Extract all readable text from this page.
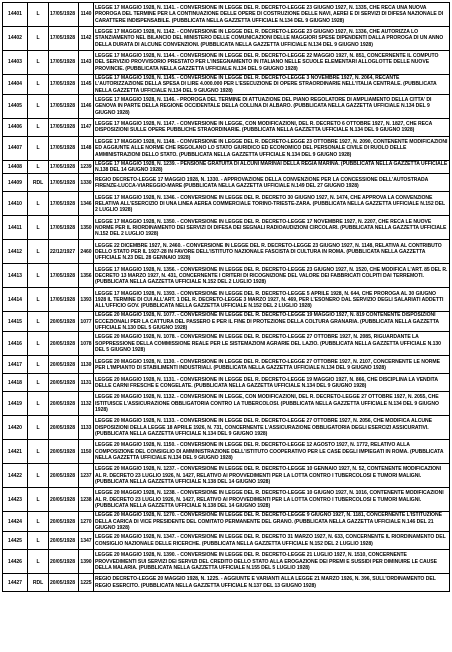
14401	L	17/05/1928	1140	LEGGE 17 MAGGIO 1928, N. 1141. - CONVERSIONE IN LEGGE DEL R. DECRETO-LEGGE 23 GIUGNO 1927, N. 1335, CHE RECA UNA NUOVA PROROGA DEL TERMINE PER LA CONTINUAZIONE DELLE OPERE DI COSTRUZIONE DELLE NAVI, AEREI E DI SERVIZI DI DIFESA NAZIONALE DI CARATTERE INDISPENSABILE. (PUBBLICATA NELLA GAZZETTA UFFICIALE N.134 DEL 9 GIUGNO 1928)
14402	L	17/05/1928	1142	LEGGE 17 MAGGIO 1928, N. 1142. - CONVERSIONE IN LEGGE DEL R. DECRETO-LEGGE 23 GIUGNO 1927, N. 1336, CHE AUTORIZZA LO STANZIAMENTO NEL BILANCIO DEL MINISTERO DELLE COMUNICAZIONI DELLE MAGGIORI SPESE DIPENDENTI DALLA PROROGA DI UN ANNO DELLA DURATA DI ALCUNE CONVENZIONI. (PUBBLICATA NELLA GAZZETTA UFFICIALE N.134 DEL 9 GIUGNO 1928)
14403	L	17/05/1928	1143	LEGGE 17 MAGGIO 1928, N. 1144. - CONVERSIONE IN LEGGE DEL R. DECRETO-LEGGE 22 MAGGIO 1927, N. 851, CONCERNENTE IL COMPUTO DEL SERVIZIO PROVVISORIO PRESTATO PER L'INSEGNAMENTO IN ITALIANO NELLE SCUOLE ELEMENTARI ALLOGLOTTE DELLE NUOVE PROVINCIE. (PUBBLICATA NELLA GAZZETTA UFFICIALE N.134 DEL 9 GIUGNO 1928)
14404	L	17/05/1928	1145	LEGGE 17 MAGGIO 1928, N. 1145. - CONVERSIONE IN LEGGE DEL R. DECRETO-LEGGE 3 NOVEMBRE 1927, N. 2064, RECANTE L'AUTORIZZAZIONE DELLA SPESA DI LIRE 4.000.000 PER L'ESECUZIONE DI OPERE STRAORDINARIE NELL'ITALIA CENTRALE. (PUBBLICATA NELLA GAZZETTA UFFICIALE N.134 DEL 9 GIUGNO 1928)
14405	L	17/05/1928	1146	LEGGE 17 MAGGIO 1928, N. 1146. - PROROGA DEL TERMINE DI ATTUAZIONE DEL PIANO REGOLATORE DI AMPLIAMENTO DELLA CITTA' DI GENOVA IN PARTE DELLA REGIONE OCCIDENTALE DELLA COLLINA DI ALBARO. (PUBBLICATA NELLA GAZZETTA UFFICIALE N.134 DEL 9 GIUGNO 1928)
14406	L	17/05/1928	1147	LEGGE 17 MAGGIO 1928, N. 1147. - CONVERSIONE IN LEGGE, CON MODIFICAZIONI, DEL R. DECRETO 6 OTTOBRE 1927, N. 1827, CHE RECA DISPOSIZIONI SULLE OPERE PUBBLICHE STRAORDINARIE. (PUBBLICATA NELLA GAZZETTA UFFICIALE N.134 DEL 9 GIUGNO 1928)
14407	L	17/05/1928	1148	LEGGE 17 MAGGIO 1928, N. 1148. - CONVERSIONE IN LEGGE DEL R. DECRETO-LEGGE 23 OTTOBRE 1927, N. 2090, CONTENENTE MODIFICAZIONI ED AGGIUNTE ALLE NORME CHE REGOLANO LO STATO GIURIDICO ED ECONOMICO DEL PERSONALE CIVILE DI RUOLO DELLE AMMINISTRAZIONI DELLO STATO. (PUBBLICATA NELLA GAZZETTA UFFICIALE N.134 DEL 9 GIUGNO 1928)
14408	L	17/05/1928	1239	LEGGE 17 MAGGIO 1928, N. 1239. - PENSIONE GRATUITA DI ALCUNI MARINAI DELLA REGIA MARINA. (PUBBLICATA NELLA GAZZETTA UFFICIALE N.138 DEL 14 GIUGNO 1928)
14409	RDL	17/05/1928	1330	REGIO DECRETO-LEGGE 17 MAGGIO 1928, N. 1330. - APPROVAZIONE DELLA CONVENZIONE PER LA CONCESSIONE DELL'AUTOSTRADA FIRENZE-LUCCA-VIAREGGIO-MARE (PUBBLICATA NELLA GAZZETTA UFFICIALE N.149 DEL 27 GIUGNO 1928)
14410	L	17/05/1928	1346	LEGGE 17 MAGGIO 1928, N. 1346. - CONVERSIONE IN LEGGE DEL R. DECRETO 30 GIUGNO 1927, N. 1474, CHE APPROVA LA CONVENZIONE RELATIVA ALL'ESERCIZIO DI UNA LINEA AEREA COMMERCIALE TORINO-TRIESTE-ZARA. (PUBBLICATA NELLA GAZZETTA UFFICIALE N.152 DEL 2 LUGLIO 1928)
14411	L	17/05/1928	1350	LEGGE 17 MAGGIO 1928, N. 1350. - CONVERSIONE IN LEGGE DEL R. DECRETO-LEGGE 17 NOVEMBRE 1927, N. 2207, CHE RECA LE NUOVE NORME PER IL RIORDINAMENTO DEI SERVIZI DI DIFESA DEI SEGNALI RADIOAUDIZIONI CIRCOLARI. (PUBBLICATA NELLA GAZZETTA UFFICIALE N.152 DEL 2 LUGLIO 1928)
14412	L	22/12/1927	2460	LEGGE 22 DICEMBRE 1927, N. 2460. - CONVERSIONE IN LEGGE DEL R. DECRETO-LEGGE 23 GIUGNO 1927, N. 1148, RELATIVA AL CONTRIBUTO DELLO STATO PER IL 1927-28 IN FAVORE DELL'ISTITUTO NAZIONALE FASCISTA DI CULTURA IN ROMA. (PUBBLICATA NELLA GAZZETTA UFFICIALE N.23 DEL 28 GENNAIO 1928)
14413	L	17/05/1928	1356	LEGGE 17 MAGGIO 1928, N. 1356. - CONVERSIONE IN LEGGE DEL R. DECRETO-LEGGE 23 GIUGNO 1927, N. 1520, CHE MODIFICA L'ART. 85 DEL R. DECRETO 13 MARZO 1927, N. 431, CONCERNENTE I CRITERI DI RICOGNIZIONE DEL VALORE DEI FABBRICATI COLPITI DAI TERREMOTI. (PUBBLICATA NELLA GAZZETTA UFFICIALE N.152 DEL 2 LUGLIO 1928)
14414	L	17/05/1928	1393	LEGGE 17 MAGGIO 1928, N. 1393. - CONVERSIONE IN LEGGE DEL R. DECRETO-LEGGE 5 APRILE 1928, N. 644, CHE PROROGA AL 30 GIUGNO 1928 IL TERMINE DI CUI ALL'ART. 1 DEL R. DECRETO-LEGGE 3 MARZO 1927, N. 469, PER L'ESONERO DAL SERVIZIO DEGLI SALARIATI ADDETTI ALL'UFFICIO GOV. (PUBBLICATA NELLA GAZZETTA UFFICIALE N.152 DEL 2 LUGLIO 1928)
14415	L	20/05/1928	1077	LEGGE 20 MAGGIO 1928, N. 1077. - CONVERSIONE IN LEGGE DEL R. DECRETO-LEGGE 19 MAGGIO 1927, N. 819 CONTENENTE DISPOSIZIONI ECCEZIONALI PER LA CATTURA DEL PASSERO E PER IL FINE DI PROTEZIONE DELLA COLTURA GRANARIA. (PUBBLICATA NELLA GAZZETTA UFFICIALE N.130 DEL 5 GIUGNO 1928)
14416	L	20/05/1928	1078	LEGGE 20 MAGGIO 1928, N. 1078. - CONVERSIONE IN LEGGE DEL R. DECRETO-LEGGE 27 OTTOBRE 1927, N. 2085, RIGUARDANTE LA SOPPRESSIONE DELLA COMMISSIONE REALE PER LE SISTEMAZIONI AGRARIE DEL LAZIO. (PUBBLICATA NELLA GAZZETTA UFFICIALE N.130 DEL 5 GIUGNO 1928)
14417	L	20/05/1928	1130	LEGGE 20 MAGGIO 1928, N. 1130. - CONVERSIONE IN LEGGE DEL R. DECRETO-LEGGE 27 OTTOBRE 1927, N. 2107, CONCERNENTE LE NORME PER L'IMPIANTO DI STABILIMENTI INDUSTRIALI. (PUBBLICATA NELLA GAZZETTA UFFICIALE N.134 DEL 9 GIUGNO 1928)
14418	L	20/05/1928	1131	LEGGE 20 MAGGIO 1928, N. 1131. - CONVERSIONE IN LEGGE DEL R. DECRETO-LEGGE 19 MAGGIO 1927, N. 866, CHE DISCIPLINA LA VENDITA DELLE CARNI FRESCHE E CONGELATE. (PUBBLICATA NELLA GAZZETTA UFFICIALE N.134 DEL 9 GIUGNO 1928)
14419	L	20/05/1928	1132	LEGGE 20 MAGGIO 1928, N. 1132. - CONVERSIONE IN LEGGE, CON MODIFICAZIONI, DEL R. DECRETO-LEGGE 27 OTTOBRE 1927, N. 2055, CHE ISTITUISCE L'ASSICURAZIONE OBBLIGATORIA CONTRO LA TUBERCOLOSI. (PUBBLICATA NELLA GAZZETTA UFFICIALE N.134 DEL 9 GIUGNO 1928)
14420	L	20/05/1928	1133	LEGGE 20 MAGGIO 1928, N. 1133. - CONVERSIONE IN LEGGE DEL R. DECRETO-LEGGE 27 OTTOBRE 1927, N. 2056, CHE MODIFICA ALCUNE DISPOSIZIONI DELLA LEGGE 18 APRILE 1926, N. 731, CONCERNENTE L'ASSICURAZIONE OBBLIGATORIA DEGLI ESERCIZI ASSICURATIVI. (PUBBLICATA NELLA GAZZETTA UFFICIALE N.134 DEL 9 GIUGNO 1928)
14421	L	20/05/1928	1150	LEGGE 20 MAGGIO 1928, N. 1150. - CONVERSIONE IN LEGGE DEL R. DECRETO-LEGGE 12 AGOSTO 1927, N. 1772, RELATIVO ALLA COMPOSIZIONE DEL CONSIGLIO DI AMMINISTRAZIONE DELL'ISTITUTO COOPERATIVO PER LE CASE DEGLI IMPIEGATI IN ROMA. (PUBBLICATA NELLA GAZZETTA UFFICIALE N.134 DEL 9 GIUGNO 1928)
14422	L	20/05/1928	1237	LEGGE 20 MAGGIO 1928, N. 1237. - CONVERSIONE IN LEGGE DEL R. DECRETO-LEGGE 10 GENNAIO 1927, N. 52, CONTENENTE MODIFICAZIONI AL R. DECRETO 23 LUGLIO 1926, N. 1427, RELATIVO AI PROVVEDIMENTI PER LA LOTTA CONTRO I TUBERCOLOSI E TUMORI MALIGNI. (PUBBLICATA NELLA GAZZETTA UFFICIALE N.138 DEL 14 GIUGNO 1928)
14423	L	20/05/1928	1238	LEGGE 20 MAGGIO 1928, N. 1238. - CONVERSIONE IN LEGGE DEL R. DECRETO-LEGGE 10 GIUGNO 1927, N. 1016, CONTENENTE MODIFICAZIONI AL R. DECRETO 23 LUGLIO 1926, N. 1427, RELATIVO AI PROVVEDIMENTI PER LA LOTTA CONTRO I TUBERCOLOSI E TUMORI MALIGNI. (PUBBLICATA NELLA GAZZETTA UFFICIALE N.138 DEL 14 GIUGNO 1928)
14424	L	20/05/1928	1270	LEGGE 20 MAGGIO 1928, N. 1270. - CONVERSIONE IN LEGGE DEL R. DECRETO-LEGGE 9 GIUGNO 1927, N. 1181, CONCERNENTE L'ISTITUZIONE DELLA CARICA DI VICE PRESIDENTE DEL COMITATO PERMANENTE DEL GRANO. (PUBBLICATA NELLA GAZZETTA UFFICIALE N.146 DEL 21 GIUGNO 1928)
14425	L	20/05/1928	1347	LEGGE 20 MAGGIO 1928, N. 1347. - CONVERSIONE IN LEGGE DEL R. DECRETO 31 MARZO 1927, N. 633, CONCERNENTE IL RIORDINAMENTO DEL CONSIGLIO NAZIONALE DELLE RICERCHE. (PUBBLICATA NELLA GAZZETTA UFFICIALE N.152 DEL 2 LUGLIO 1928)
14426	L	20/05/1928	1390	LEGGE 20 MAGGIO 1928, N. 1390. - CONVERSIONE IN LEGGE DEL R. DECRETO-LEGGE 21 LUGLIO 1927, N. 1510, CONCERNENTE PROVVEDIMENTI SUI SERVIZI DEI SERVIZI DEL CREDITO DELLO STATO ALLA EROGAZIONE DEI PREMI E SUSSIDI PER DIMINUIRE LE CAUSE DELLA MALARIA. (PUBBLICATA NELLA GAZZETTA UFFICIALE N.155 DEL 5 LUGLIO 1928)
14427	RDL	20/05/1928	1225	REGIO DECRETO-LEGGE 20 MAGGIO 1928, N. 1225. - AGGIUNTE E VARIANTI ALLA LEGGE 21 MARZO 1926, N. 396, SULL'ORDINAMENTO DEL REGIO ESERCITO. (PUBBLICATA NELLA GAZZETTA UFFICIALE N.137 DEL 13 GIUGNO 1928)
